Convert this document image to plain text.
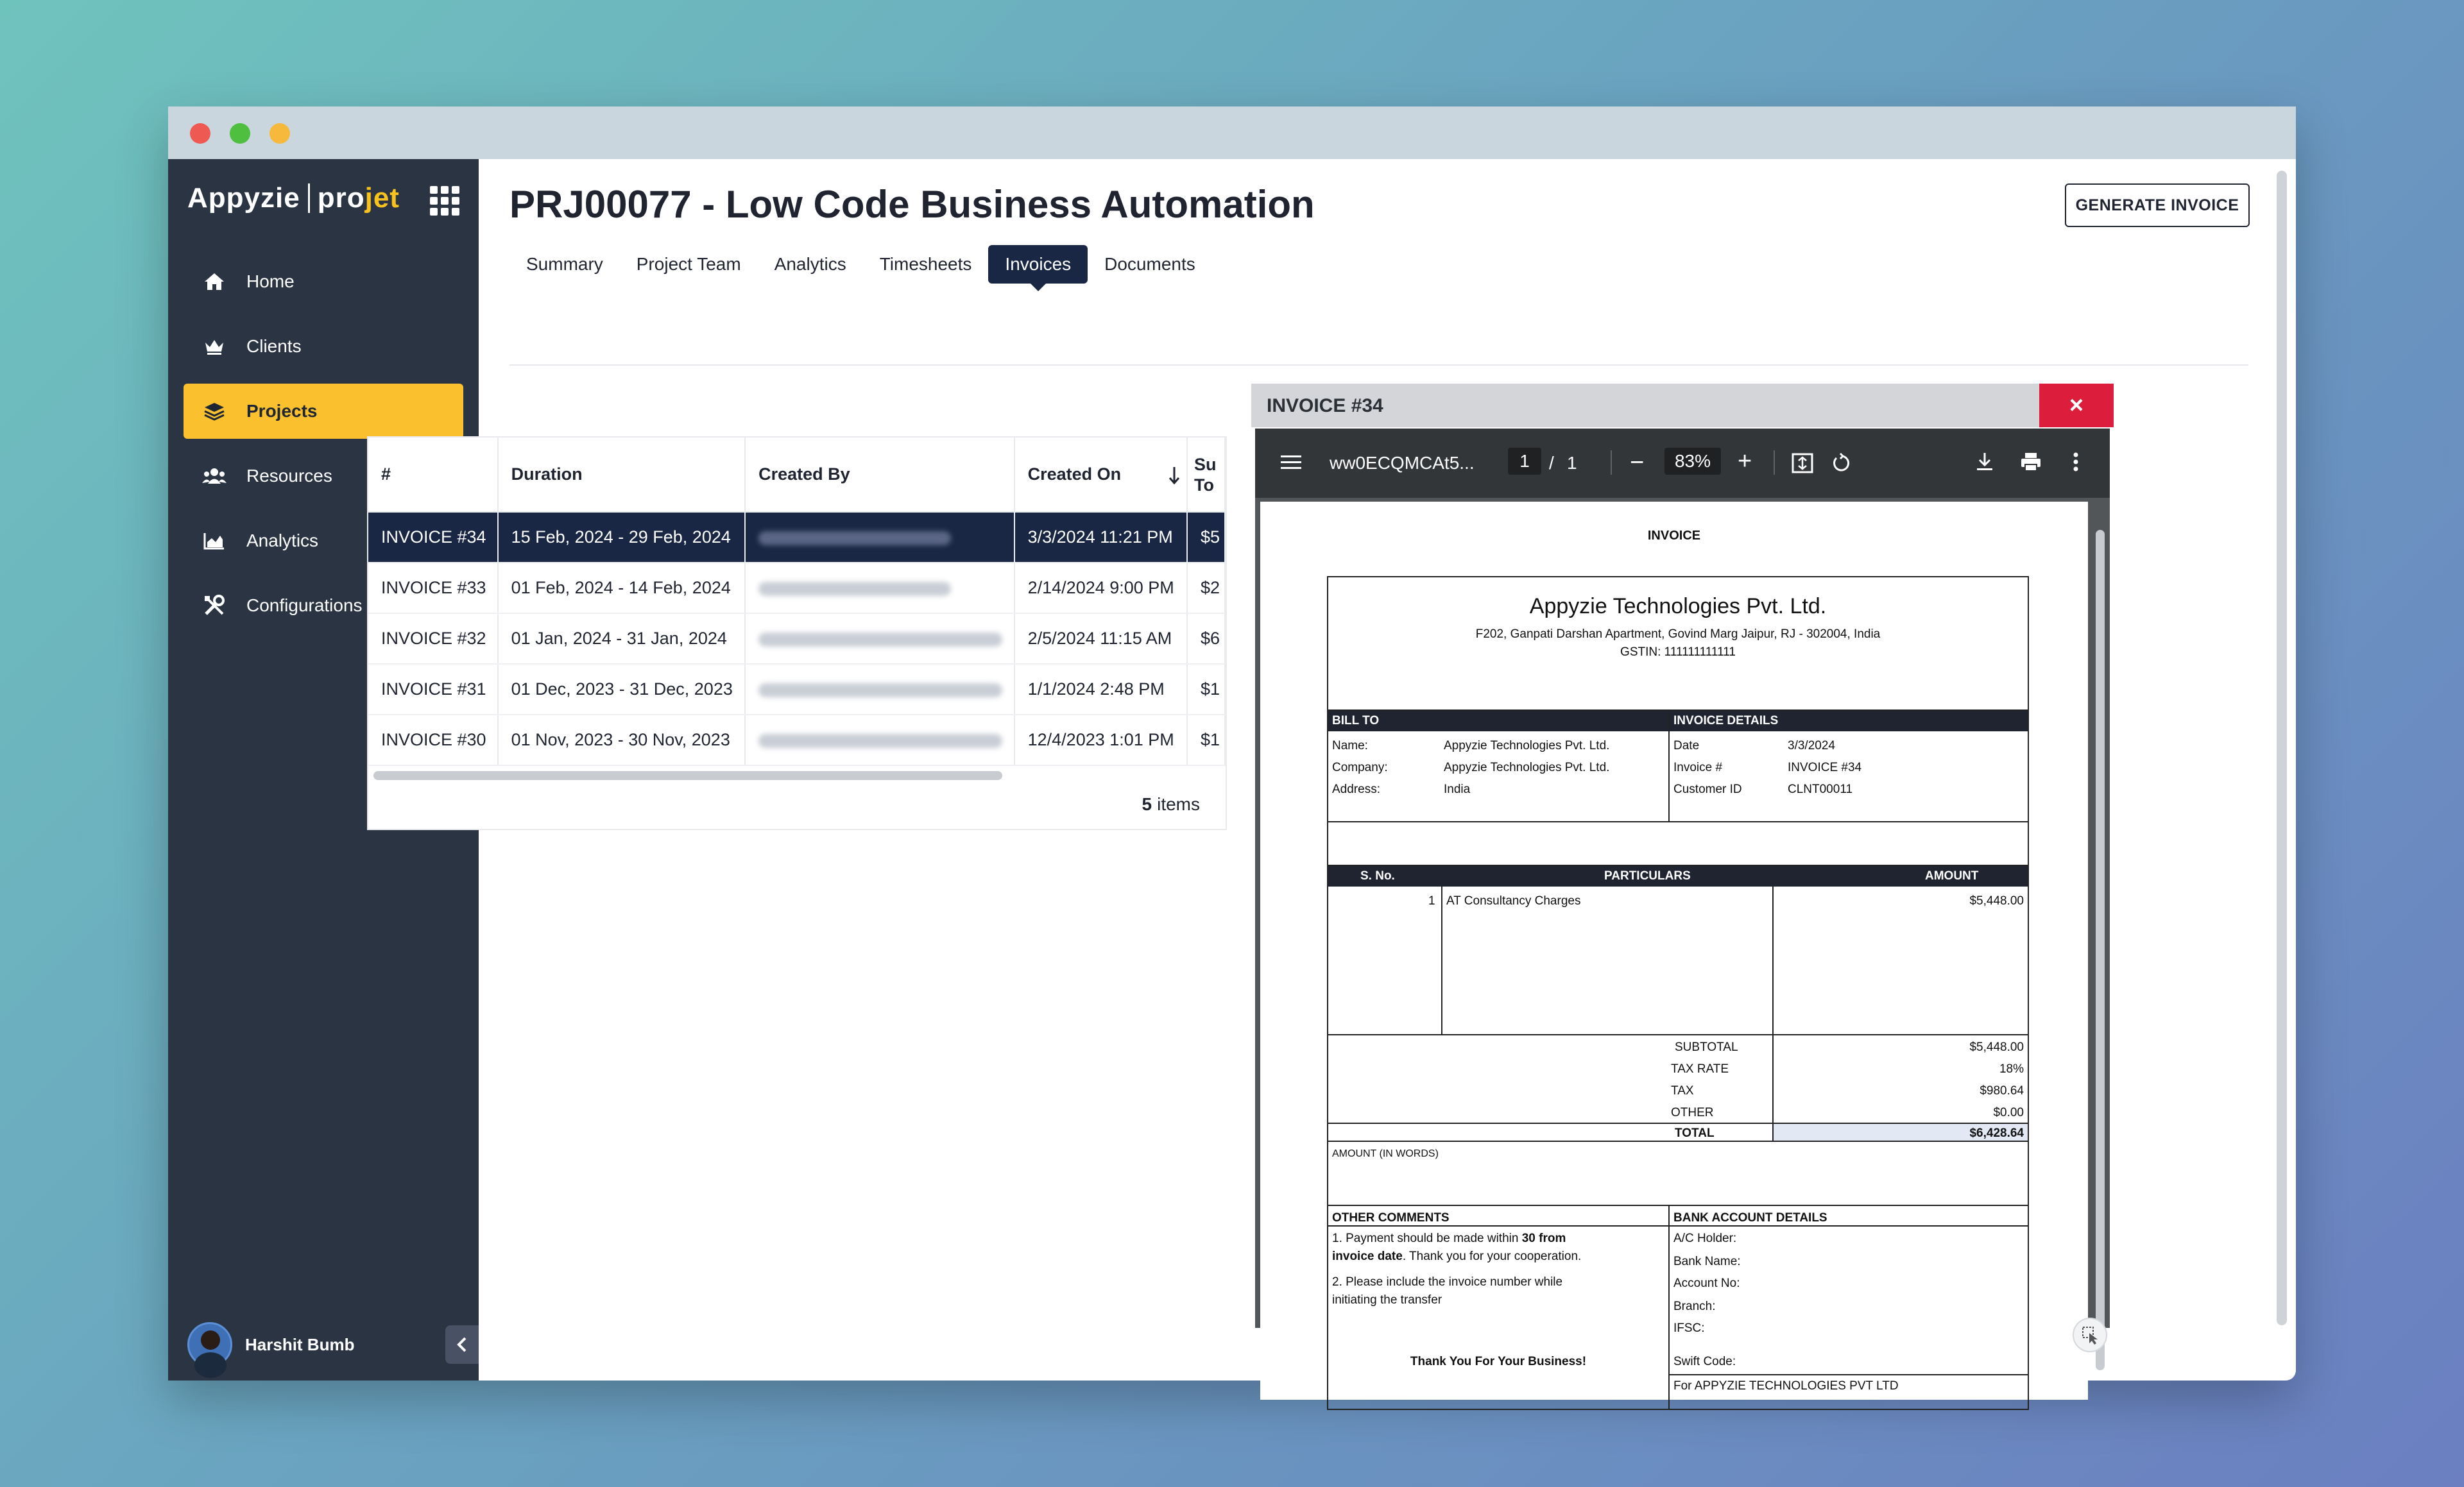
Appyzie projet
Home
Clients
Projects
Resources
Analytics
Configurations
Harshit Bumb
PRJ00077 - Low Code Business Automation	GENERATE INVOICE
Summary	Project Team	Analytics	Timesheets	Invoices	Documents
#	Duration	Created By	Created On	Su
To
INVOICE #34	15 Feb, 2024 - 29 Feb, 2024		3/3/2024 11:21 PM	$5
INVOICE #33	01 Feb, 2024 - 14 Feb, 2024		2/14/2024 9:00 PM	$2
INVOICE #32	01 Jan, 2024 - 31 Jan, 2024		2/5/2024 11:15 AM	$6
INVOICE #31	01 Dec, 2023 - 31 Dec, 2023		1/1/2024 2:48 PM	$1
INVOICE #30	01 Nov, 2023 - 30 Nov, 2023		12/4/2023 1:01 PM	$1
5 items
INVOICE #34	×
ww0ECQMCAt5...	1	/ 1 −	83%	+
INVOICE
Appyzie Technologies Pvt. Ltd.
F202, Ganpati Darshan Apartment, Govind Marg Jaipur, RJ - 302004, India
GSTIN: 111111111111
BILL TO
Name:	Appyzie Technologies Pvt. Ltd.
Company:	Appyzie Technologies Pvt. Ltd.
Address:	India
INVOICE DETAILS
Date	3/3/2024
Invoice #	INVOICE #34
Customer ID	CLNT00011
S. No.	PARTICULARS	AMOUNT
1 AT Consultancy Charges	$5,448.00
SUBTOTAL	$5,448.00
TAX RATE	18%
TAX	$980.64
OTHER	$0.00
TOTAL	$6,428.64
AMOUNT (IN WORDS)
OTHER COMMENTS
1. Payment should be made within 30 from
invoice date. Thank you for your cooperation.
2. Please include the invoice number while
initiating the transfer
Thank You For Your Business!
BANK ACCOUNT DETAILS
A/C Holder:
Bank Name:
Account No:
Branch:
IFSC:
Swift Code:
For APPYZIE TECHNOLOGIES PVT LTD
